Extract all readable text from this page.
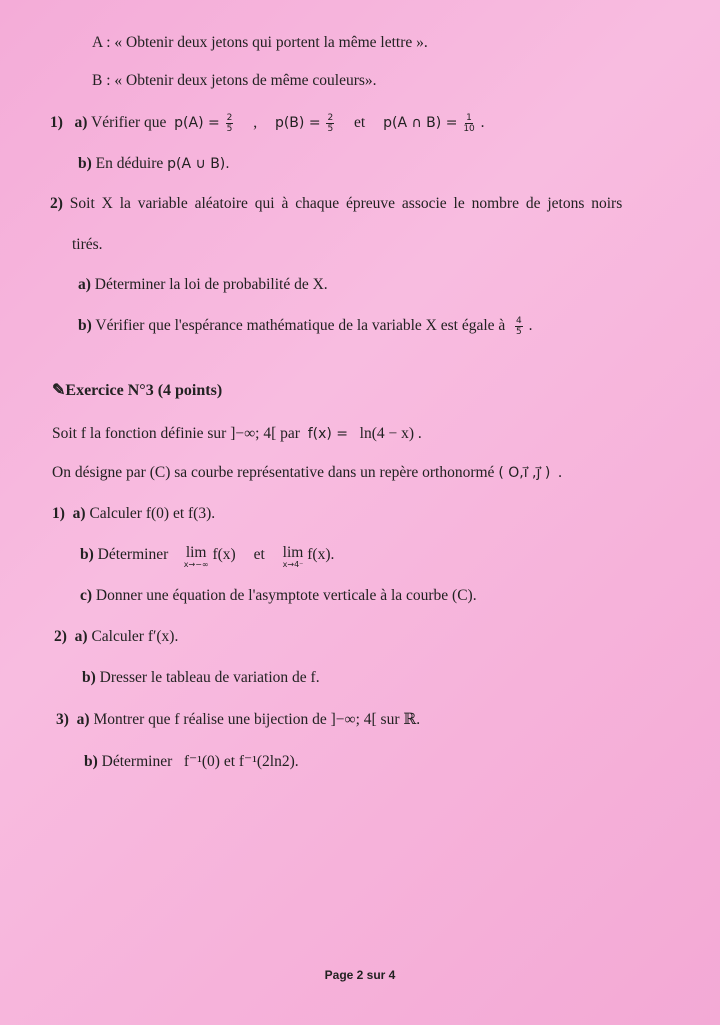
A : « Obtenir deux jetons qui portent la même lettre ».
B : « Obtenir deux jetons de même couleurs».
1) a) Vérifier que $p(A) = \frac{2}{5}$ , $p(B) = \frac{2}{5}$ et p(A ∩ $B) = \frac{1}{10}$ .
b) En déduire p(A ∪ B).
2) Soit X la variable aléatoire qui à chaque épreuve associe le nombre de jetons noirs
tirés.
a) Déterminer la loi de probabilité de X.
b) Vérifier que l'espérance mathématique de la variable X est égale à $\frac{4}{5}$ .
✎Exercice N°3 (4 points)
Soit f la fonction définie sur ]−∞; 4[ par f(x) = ln(4 − x) .
On désigne par (C) sa courbe représentative dans un repère orthonormé ( O,i⃗ ,j⃗ ) .
1) a) Calculer f(0) et f(3).
b) Déterminer lim
x→−∞
f(x) et lim
x→4⁻
f(x).
c) Donner une équation de l'asymptote verticale à la courbe (C).
2) a) Calculer f′(x).
b) Dresser le tableau de variation de f.
3) a) Montrer que f réalise une bijection de ]−∞; 4[ sur ℝ.
b) Déterminer f⁻¹(0) et f⁻¹(2ln2).
Page 2 sur 4
